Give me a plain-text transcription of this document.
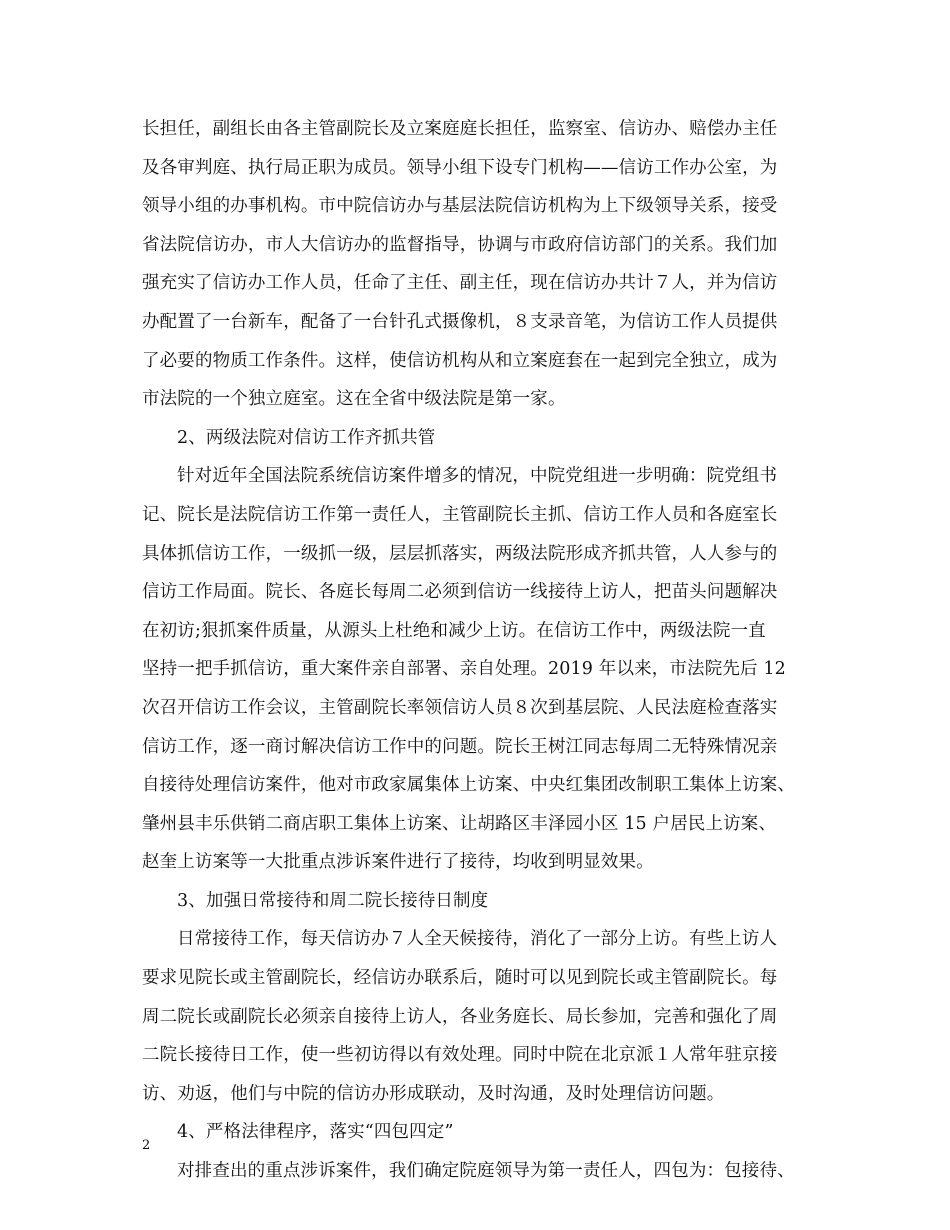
长担任，副组长由各主管副院长及立案庭庭长担任，监察室、信访办、赔偿办主任
及各审判庭、执行局正职为成员。领导小组下设专门机构——信访工作办公室，为
领导小组的办事机构。市中院信访办与基层法院信访机构为上下级领导关系，接受
省法院信访办，市人大信访办的监督指导，协调与市政府信访部门的关系。我们加
强充实了信访办工作人员，任命了主任、副主任，现在信访办共计７人，并为信访
办配置了一台新车，配备了一台针孔式摄像机，８支录音笔，为信访工作人员提供
了必要的物质工作条件。这样，使信访机构从和立案庭套在一起到完全独立，成为
市法院的一个独立庭室。这在全省中级法院是第一家。
2、两级法院对信访工作齐抓共管
针对近年全国法院系统信访案件增多的情况，中院党组进一步明确：院党组书
记、院长是法院信访工作第一责任人，主管副院长主抓、信访工作人员和各庭室长
具体抓信访工作，一级抓一级，层层抓落实，两级法院形成齐抓共管，人人参与的
信访工作局面。院长、各庭长每周二必须到信访一线接待上访人，把苗头问题解决
在初访;狠抓案件质量，从源头上杜绝和减少上访。在信访工作中，两级法院一直
坚持一把手抓信访，重大案件亲自部署、亲自处理。2019 年以来，市法院先后 12
次召开信访工作会议，主管副院长率领信访人员８次到基层院、人民法庭检查落实
信访工作，逐一商讨解决信访工作中的问题。院长王树江同志每周二无特殊情况亲
自接待处理信访案件，他对市政家属集体上访案、中央红集团改制职工集体上访案、
肇州县丰乐供销二商店职工集体上访案、让胡路区丰泽园小区 15 户居民上访案、
赵奎上访案等一大批重点涉诉案件进行了接待，均收到明显效果。
3、加强日常接待和周二院长接待日制度
日常接待工作，每天信访办７人全天候接待，消化了一部分上访。有些上访人
要求见院长或主管副院长，经信访办联系后，随时可以见到院长或主管副院长。每
周二院长或副院长必须亲自接待上访人，各业务庭长、局长参加，完善和强化了周
二院长接待日工作，使一些初访得以有效处理。同时中院在北京派１人常年驻京接
访、劝返，他们与中院的信访办形成联动，及时沟通，及时处理信访问题。
4、严格法律程序，落实“四包四定”
对排查出的重点涉诉案件，我们确定院庭领导为第一责任人，四包为：包接待、
2
